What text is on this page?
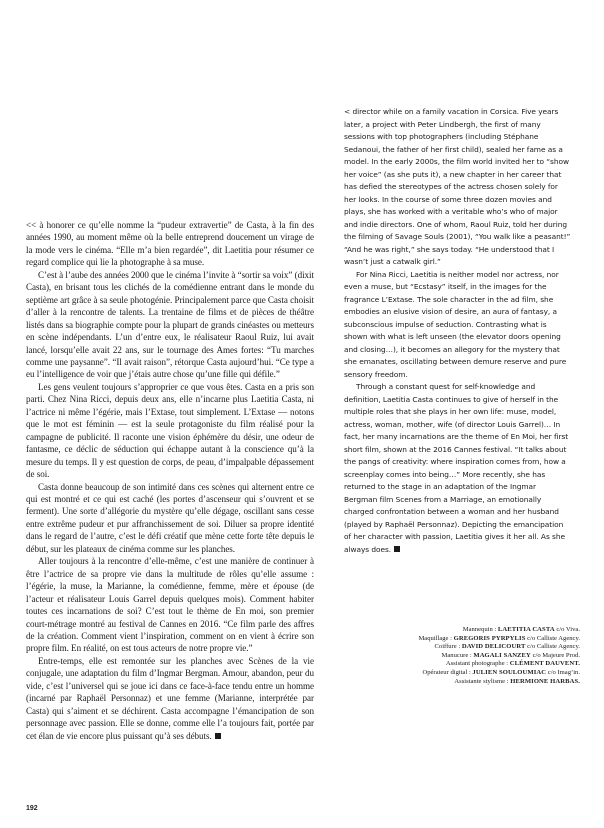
<< à honorer ce qu’elle nomme la “pudeur extravertie” de Casta, à la fin des années 1990, au moment même où la belle entreprend doucement un virage de la mode vers le cinéma. “Elle m’a bien regardée”, dit Laetitia pour résumer ce regard complice qui lie la photographe à sa muse.

C’est à l’aube des années 2000 que le cinéma l’invite à “sortir sa voix” (dixit Casta), en brisant tous les clichés de la comédienne entrant dans le monde du septième art grâce à sa seule photogénie. Principalement parce que Casta choisit d’aller à la rencontre de talents. La trentaine de films et de pièces de théâtre listés dans sa biographie compte pour la plupart de grands cinéastes ou metteurs en scène indépendants. L’un d’entre eux, le réalisateur Raoul Ruiz, lui avait lancé, lorsqu’elle avait 22 ans, sur le tournage des Ames fortes: “Tu marches comme une paysanne”. “Il avait raison”, rétorque Casta aujourd’hui. “Ce type a eu l’intelligence de voir que j’étais autre chose qu’une fille qui défile.”

Les gens veulent toujours s’approprier ce que vous êtes. Casta en a pris son parti. Chez Nina Ricci, depuis deux ans, elle n’incarne plus Laetitia Casta, ni l’actrice ni même l’égérie, mais l’Extase, tout simplement. L’Extase — notons que le mot est féminin — est la seule protagoniste du film réalisé pour la campagne de publicité. Il raconte une vision éphémère du désir, une odeur de fantasme, ce déclic de séduction qui échappe autant à la conscience qu’à la mesure du temps. Il y est question de corps, de peau, d’impalpable dépassement de soi.

Casta donne beaucoup de son intimité dans ces scènes qui alternent entre ce qui est montré et ce qui est caché (les portes d’ascenseur qui s’ouvrent et se ferment). Une sorte d’allégorie du mystère qu’elle dégage, oscillant sans cesse entre extrême pudeur et pur affranchissement de soi. Diluer sa propre identité dans le regard de l’autre, c’est le défi créatif que mène cette forte tête depuis le début, sur les plateaux de cinéma comme sur les planches.

Aller toujours à la rencontre d’elle-même, c’est une manière de continuer à être l’actrice de sa propre vie dans la multitude de rôles qu’elle assume : l’égérie, la muse, la Marianne, la comédienne, femme, mère et épouse (de l’acteur et réalisateur Louis Garrel depuis quelques mois). Comment habiter toutes ces incarnations de soi? C’est tout le thème de En moi, son premier court-métrage montré au festival de Cannes en 2016. “Ce film parle des affres de la création. Comment vient l’inspiration, comment on en vient à écrire son propre film. En réalité, on est tous acteurs de notre propre vie.”

Entre-temps, elle est remontée sur les planches avec Scènes de la vie conjugale, une adaptation du film d’Ingmar Bergman. Amour, abandon, peur du vide, c’est l’universel qui se joue ici dans ce face-à-face tendu entre un homme (incarné par Raphaël Personnaz) et une femme (Marianne, interprétée par Casta) qui s’aiment et se déchirent. Casta accompagne l’émancipation de son personnage avec passion. Elle se donne, comme elle l’a toujours fait, portée par cet élan de vie encore plus puissant qu’à ses débuts.

< director while on a family vacation in Corsica. Five years later, a project with Peter Lindbergh, the first of many sessions with top photographers (including Stéphane Sedanoui, the father of her first child), sealed her fame as a model. In the early 2000s, the film world invited her to “show her voice” (as she puts it), a new chapter in her career that has defied the stereotypes of the actress chosen solely for her looks. In the course of some three dozen movies and plays, she has worked with a veritable who’s who of major and indie directors. One of whom, Raoul Ruiz, told her during the filming of Savage Souls (2001), “You walk like a peasant!” “And he was right,” she says today. “He understood that I wasn’t just a catwalk girl.”

For Nina Ricci, Laetitia is neither model nor actress, nor even a muse, but “Ecstasy” itself, in the images for the fragrance L’Extase. The sole character in the ad film, she embodies an elusive vision of desire, an aura of fantasy, a subconscious impulse of seduction. Contrasting what is shown with what is left unseen (the elevator doors opening and closing…), it becomes an allegory for the mystery that she emanates, oscillating between demure reserve and pure sensory freedom.

Through a constant quest for self-knowledge and definition, Laetitia Casta continues to give of herself in the multiple roles that she plays in her own life: muse, model, actress, woman, mother, wife (of director Louis Garrel)… In fact, her many incarnations are the theme of En Moi, her first short film, shown at the 2016 Cannes festival. “It talks about the pangs of creativity: where inspiration comes from, how a screenplay comes into being…” More recently, she has returned to the stage in an adaptation of the Ingmar Bergman film Scenes from a Marriage, an emotionally charged confrontation between a woman and her husband (played by Raphaël Personnaz). Depicting the emancipation of her character with passion, Laetitia gives it her all. As she always does.

Mannequin : LAETITIA CASTA c/o Viva.
Maquillage : GREGORIS PYRPYLIS c/o Calliste Agency.
Coiffure : DAVID DELICOURT c/o Calliste Agency.
Manucure : MAGALI SANZEY c/o Majeure Prod.
Assistant photographe : CLÉMENT DAUVENT.
Opérateur digital : JULIEN SOULOUMIAC c/o Imag’in.
Assistante stylisme : HERMIONE HARBAS.
192
